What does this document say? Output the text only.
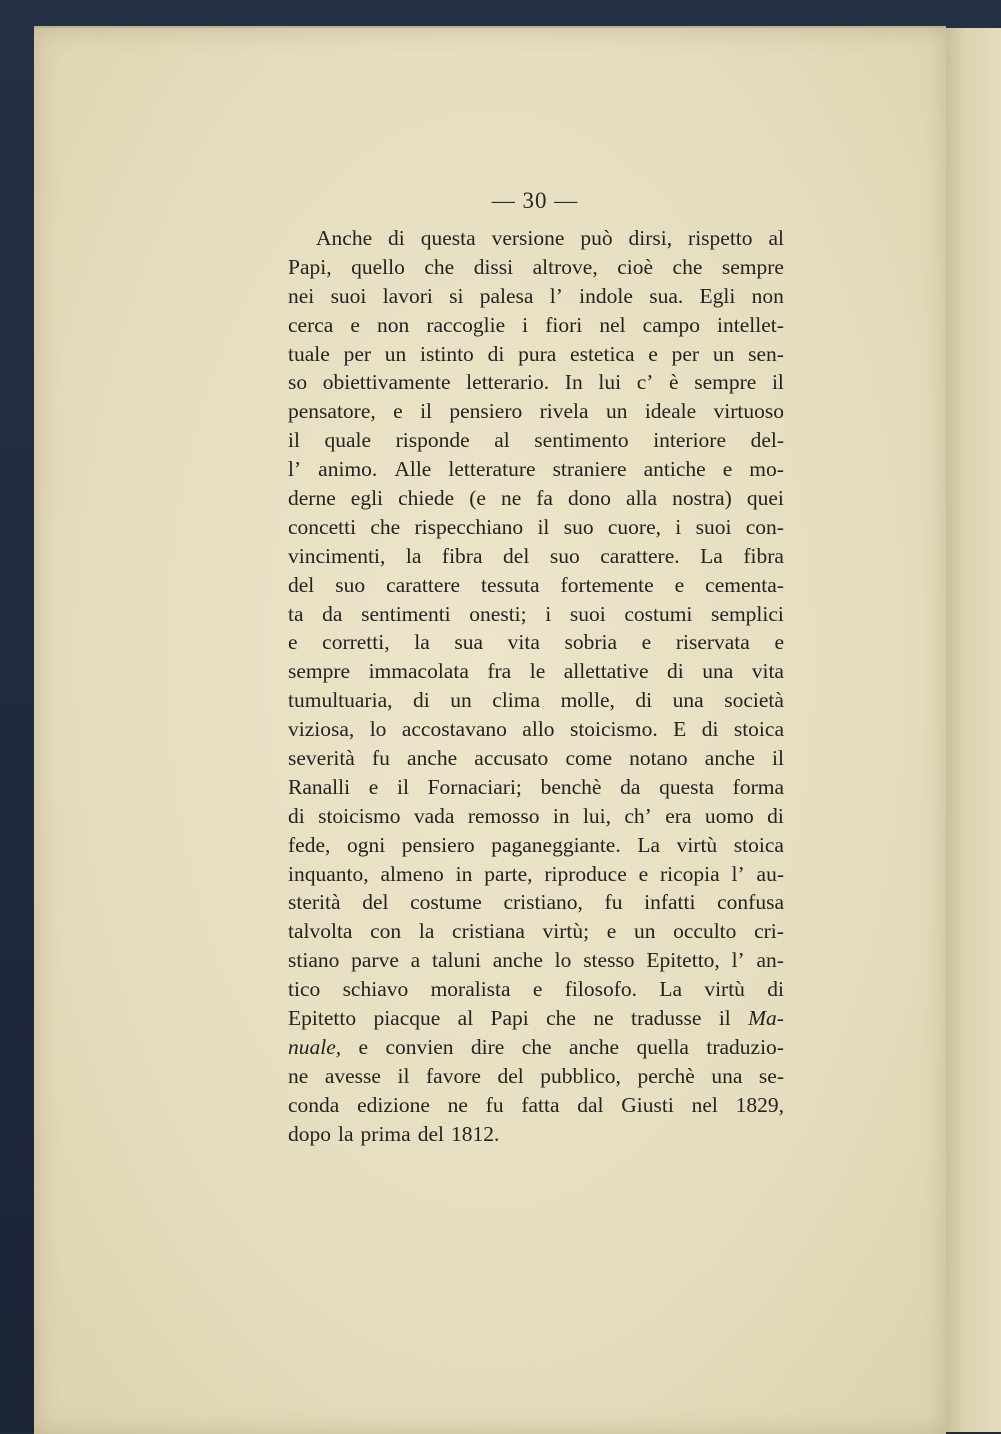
— 30 —
Anche di questa versione può dirsi, rispetto al
Papi, quello che dissi altrove, cioè che sempre
nei suoi lavori si palesa l’ indole sua. Egli non
cerca e non raccoglie i fiori nel campo intellet-
tuale per un istinto di pura estetica e per un sen-
so obiettivamente letterario. In lui c’ è sempre il
pensatore, e il pensiero rivela un ideale virtuoso
il quale risponde al sentimento interiore del-
l’ animo. Alle letterature straniere antiche e mo-
derne egli chiede (e ne fa dono alla nostra) quei
concetti che rispecchiano il suo cuore, i suoi con-
vincimenti, la fibra del suo carattere. La fibra
del suo carattere tessuta fortemente e cementa-
ta da sentimenti onesti; i suoi costumi semplici
e corretti, la sua vita sobria e riservata e
sempre immacolata fra le allettative di una vita
tumultuaria, di un clima molle, di una società
viziosa, lo accostavano allo stoicismo. E di stoica
severità fu anche accusato come notano anche il
Ranalli e il Fornaciari; benchè da questa forma
di stoicismo vada remosso in lui, ch’ era uomo di
fede, ogni pensiero paganeggiante. La virtù stoica
inquanto, almeno in parte, riproduce e ricopia l’ au-
sterità del costume cristiano, fu infatti confusa
talvolta con la cristiana virtù; e un occulto cri-
stiano parve a taluni anche lo stesso Epitetto, l’ an-
tico schiavo moralista e filosofo. La virtù di
Epitetto piacque al Papi che ne tradusse il Ma-
nuale, e convien dire che anche quella traduzio-
ne avesse il favore del pubblico, perchè una se-
conda edizione ne fu fatta dal Giusti nel 1829,
dopo la prima del 1812.
